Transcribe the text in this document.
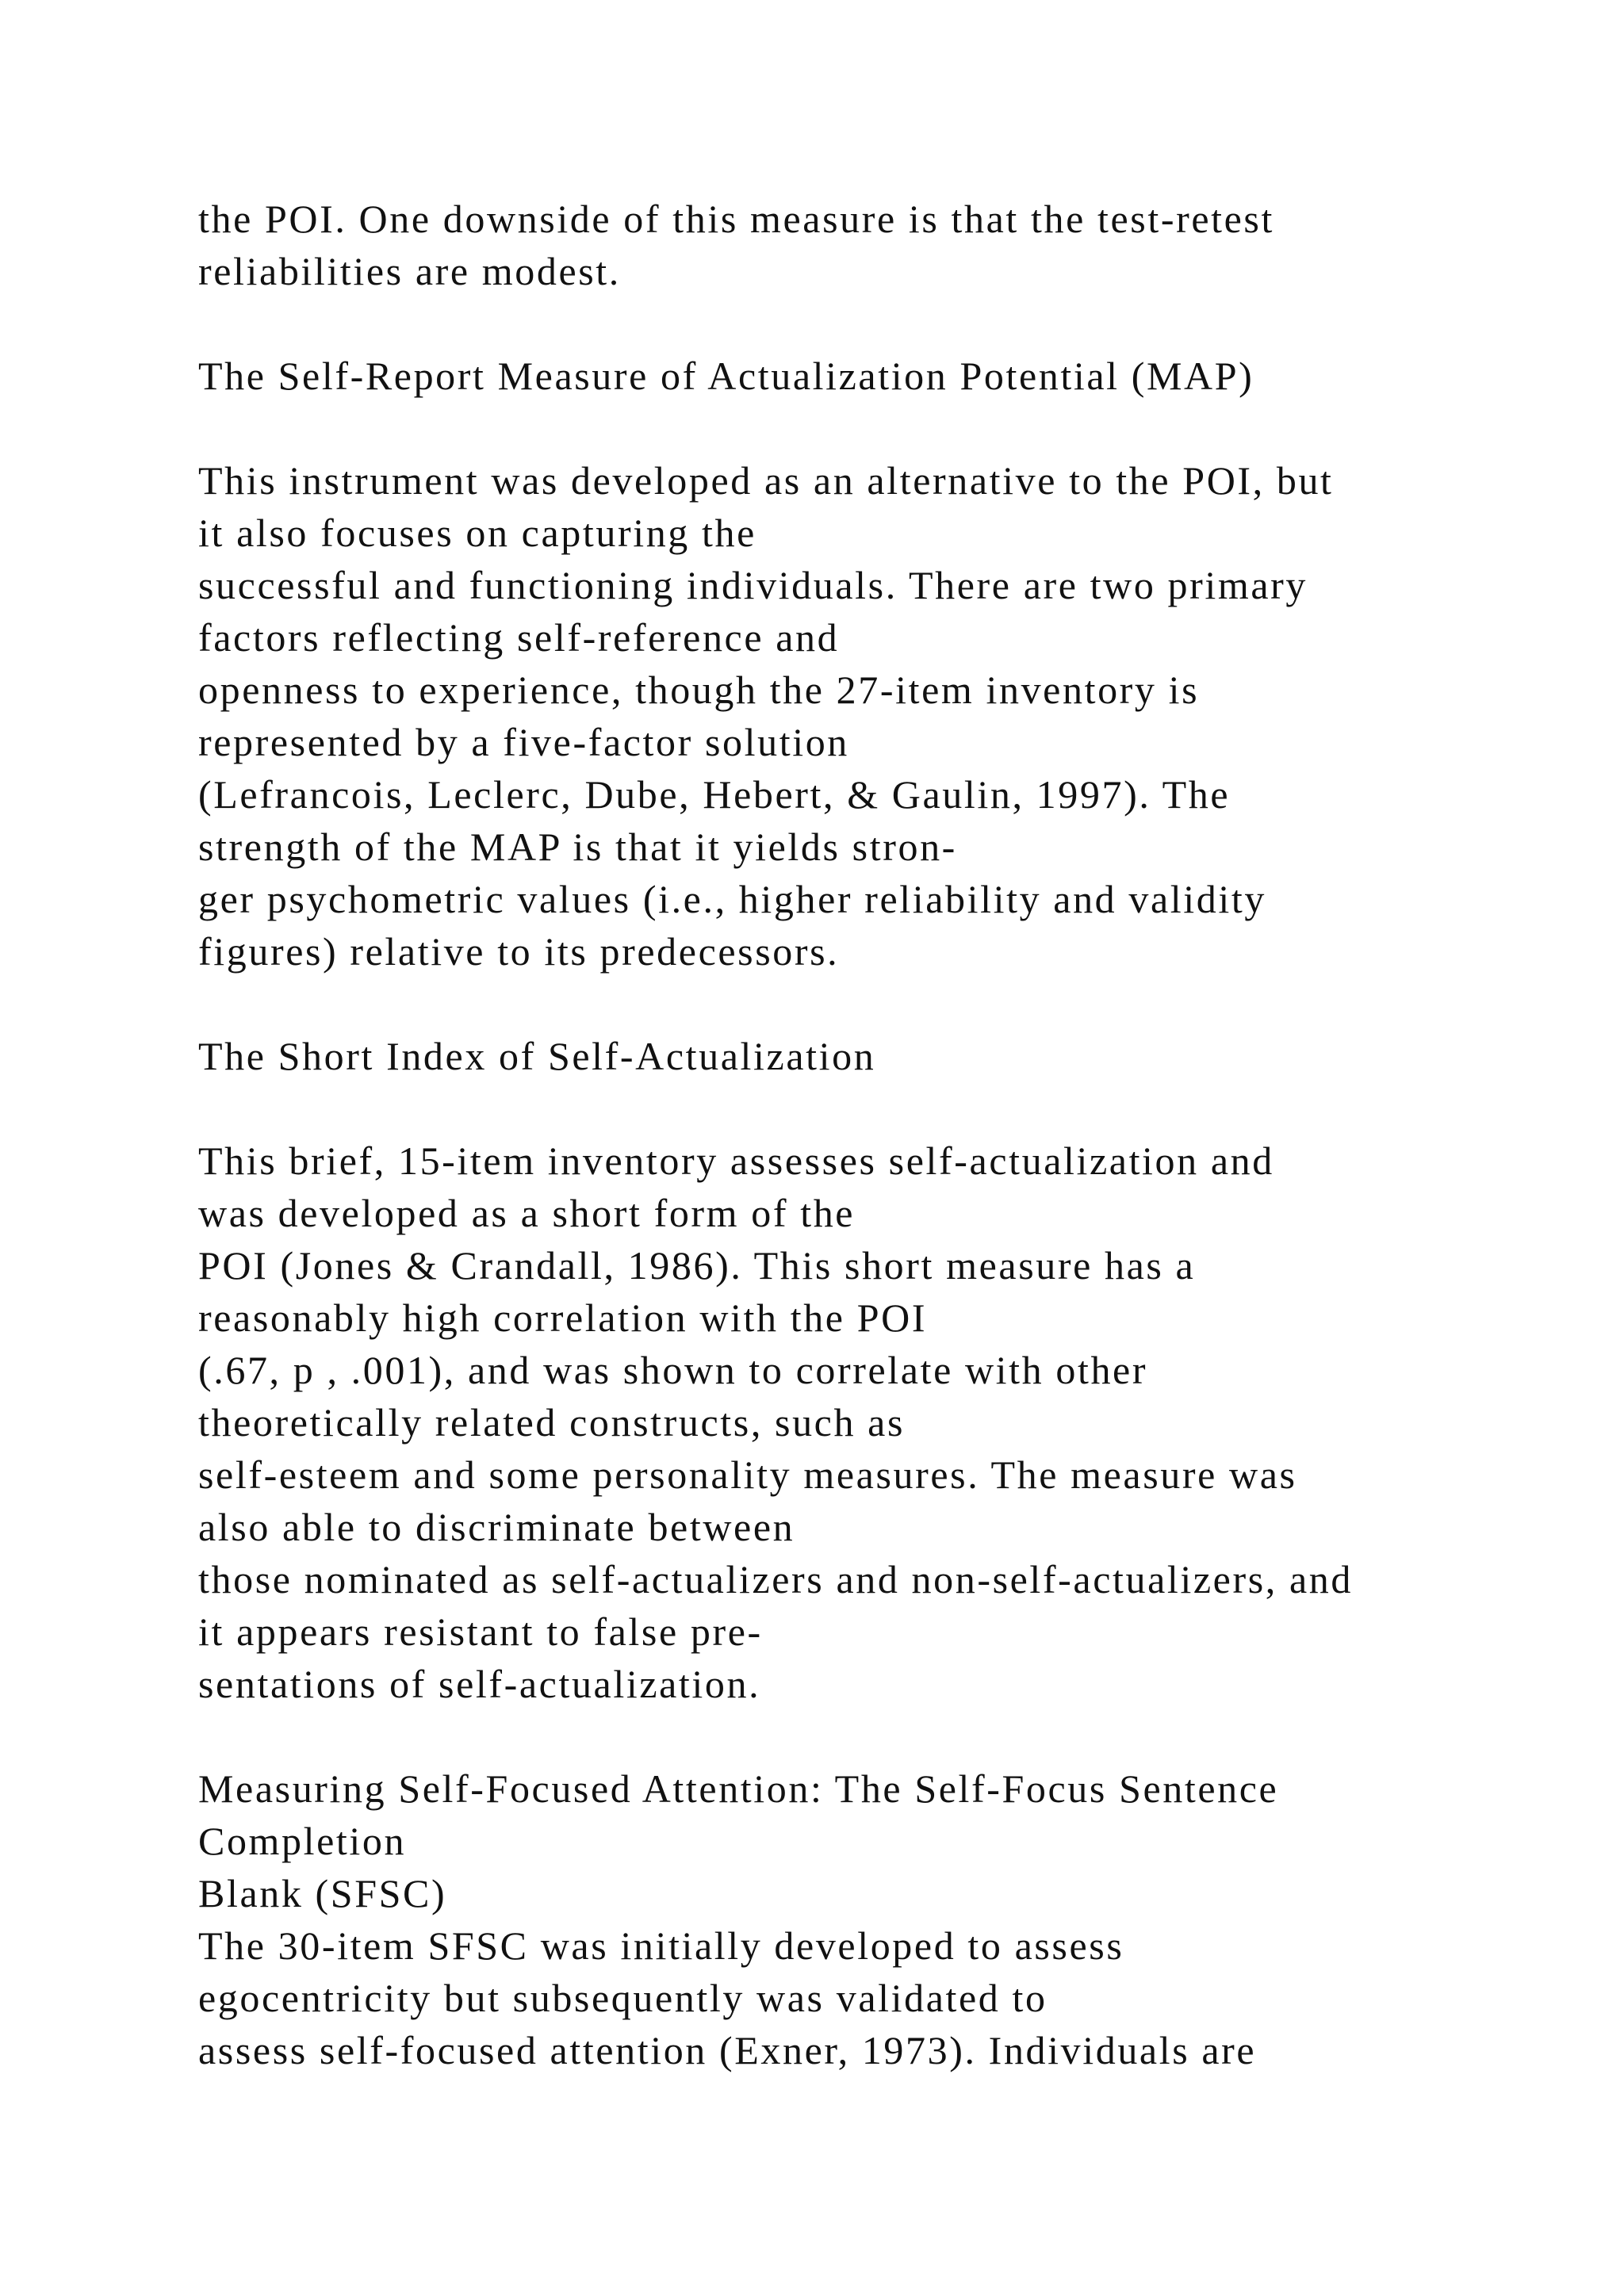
the POI. One downside of this measure is that the test-retest
reliabilities are modest.
The Self-Report Measure of Actualization Potential (MAP)
This instrument was developed as an alternative to the POI, but
it also focuses on capturing the
successful and functioning individuals. There are two primary
factors reflecting self-reference and
openness to experience, though the 27-item inventory is
represented by a five-factor solution
(Lefrancois, Leclerc, Dube, Hebert, & Gaulin, 1997). The
strength of the MAP is that it yields stron-
ger psychometric values (i.e., higher reliability and validity
figures) relative to its predecessors.
The Short Index of Self-Actualization
This brief, 15-item inventory assesses self-actualization and
was developed as a short form of the
POI (Jones & Crandall, 1986). This short measure has a
reasonably high correlation with the POI
(.67, p , .001), and was shown to correlate with other
theoretically related constructs, such as
self-esteem and some personality measures. The measure was
also able to discriminate between
those nominated as self-actualizers and non-self-actualizers, and
it appears resistant to false pre-
sentations of self-actualization.
Measuring Self-Focused Attention: The Self-Focus Sentence
Completion
Blank (SFSC)
The 30-item SFSC was initially developed to assess
egocentricity but subsequently was validated to
assess self-focused attention (Exner, 1973). Individuals are
